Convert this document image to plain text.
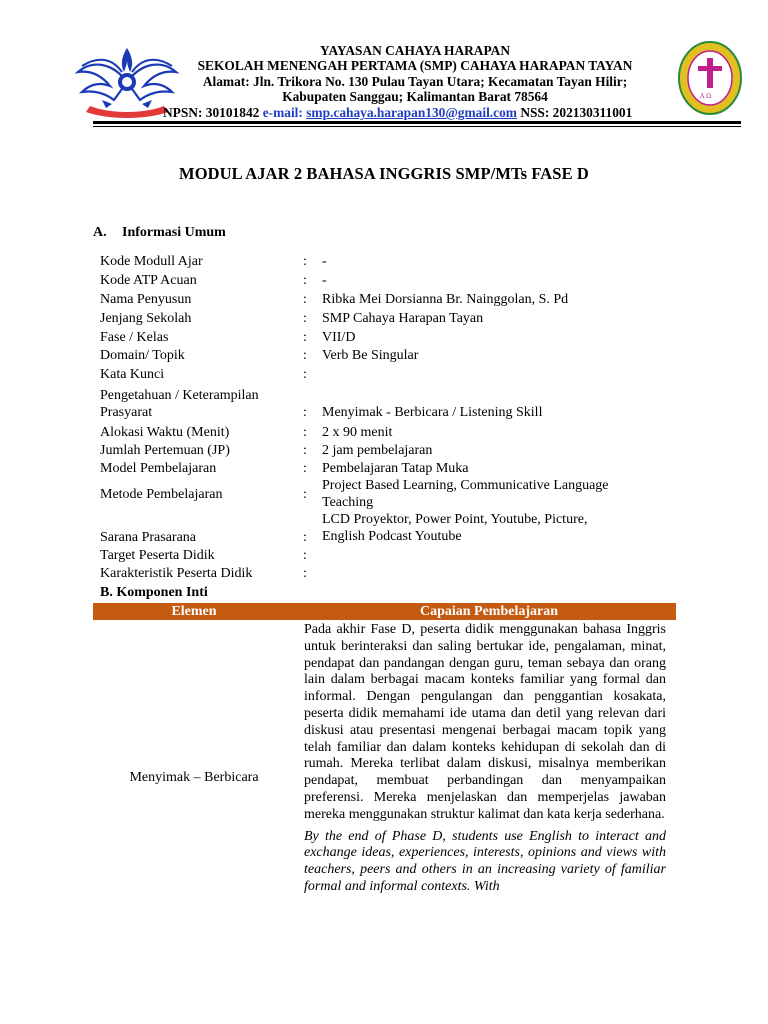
A Ω
YAYASAN CAHAYA HARAPAN
SEKOLAH MENENGAH PERTAMA (SMP) CAHAYA HARAPAN TAYAN
Alamat: Jln. Trikora No. 130 Pulau Tayan Utara; Kecamatan Tayan Hilir;
Kabupaten Sanggau; Kalimantan Barat 78564
NPSN: 30101842 e-mail: smp.cahaya.harapan130@gmail.com NSS: 202130311001
MODUL AJAR 2 BAHASA INGGRIS SMP/MTs FASE D
A. Informasi Umum
Kode Modull Ajar	: -
Kode ATP Acuan	: -
Nama Penyusun	: Ribka Mei Dorsianna Br. Nainggolan, S. Pd
Jenjang Sekolah	: SMP Cahaya Harapan Tayan
Fase / Kelas	: VII/D
Domain/ Topik	: Verb Be Singular
Kata Kunci	:
Pengetahuan / Keterampilan Prasyarat	: Menyimak - Berbicara / Listening Skill
Alokasi Waktu (Menit)	: 2 x 90 menit
Jumlah Pertemuan (JP)	: 2 jam pembelajaran
Model Pembelajaran	: Pembelajaran Tatap Muka
Metode Pembelajaran	:
Project Based Learning, Communicative Language Teaching
Sarana Prasarana	:
LCD Proyektor, Power Point, Youtube, Picture, English Podcast Youtube
Target Peserta Didik	:
Karakteristik Peserta Didik	:
B. Komponen Inti
Elemen	Capaian Pembelajaran
Menyimak – Berbicara

Pada akhir Fase D, peserta didik menggunakan bahasa Inggris untuk berinteraksi dan saling bertukar ide, pengalaman, minat, pendapat dan pandangan dengan guru, teman sebaya dan orang lain dalam berbagai macam konteks familiar yang formal dan informal. Dengan pengulangan dan penggantian kosakata, peserta didik memahami ide utama dan detil yang relevan dari diskusi atau presentasi mengenai berbagai macam topik yang telah familiar dan dalam konteks kehidupan di sekolah dan di rumah. Mereka terlibat dalam diskusi, misalnya memberikan pendapat, membuat perbandingan dan menyampaikan preferensi. Mereka menjelaskan dan memperjelas jawaban mereka menggunakan struktur kalimat dan kata kerja sederhana.

By the end of Phase D, students use English to interact and exchange ideas, experiences, interests, opinions and views with teachers, peers and others in an increasing variety of familiar formal and informal contexts. With
